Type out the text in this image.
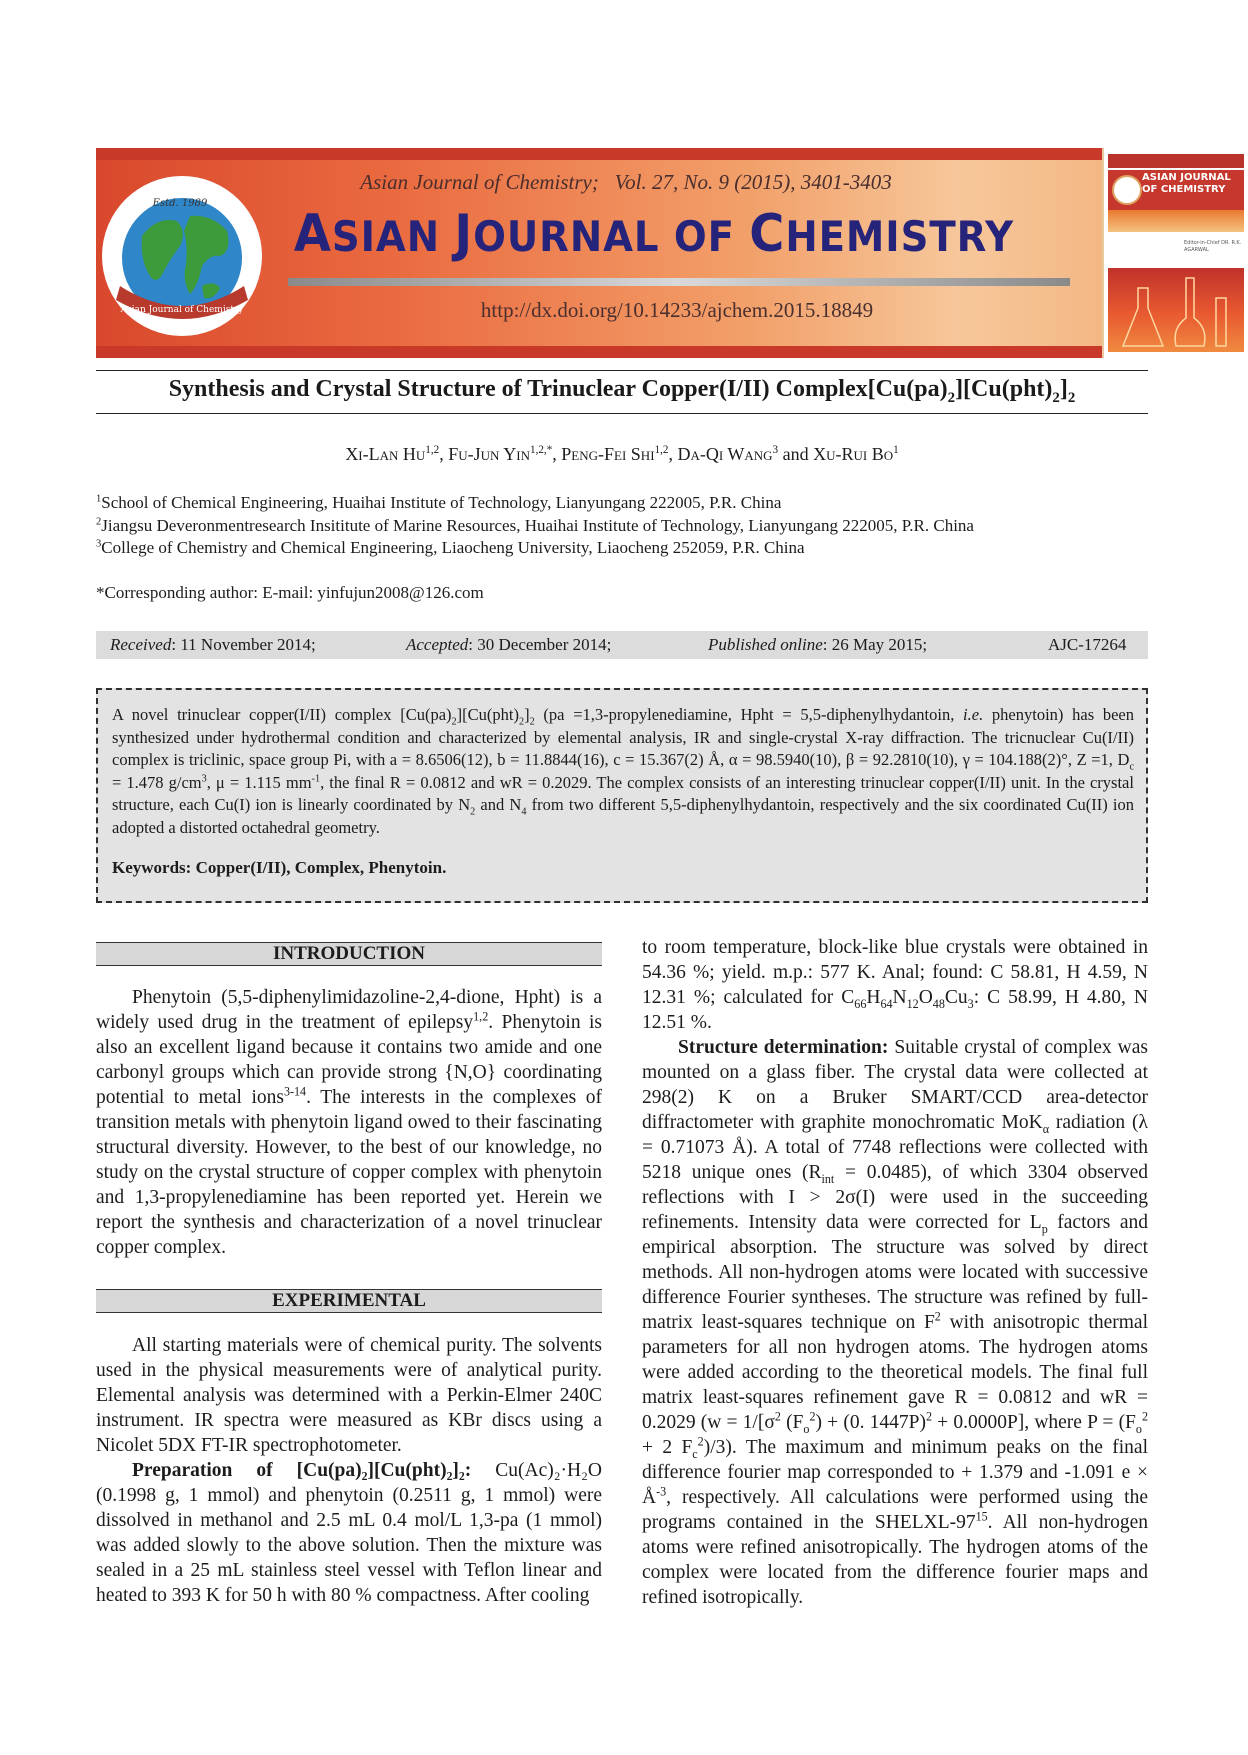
Asian Journal of Chemistry
Estd. 1989
Asian Journal of Chemistry; Vol. 27, No. 9 (2015), 3401-3403
ASIAN JOURNAL OF CHEMISTRY
http://dx.doi.org/10.14233/ajchem.2015.18849
ASIAN JOURNAL OF CHEMISTRY
Editor-in-Chief DR. R.K. AGARWAL
Synthesis and Crystal Structure of Trinuclear Copper(I/II) $Complex[Cu(pa)_2][Cu(pht)_2]_2$
Xi-Lan Hu$^{1,2}$, Fu-Jun Yin$^{1,2,*}$, Peng-Fei Shi$^{1,2}$, Da-Qi Wang$^3$ and Xu-Rui Bo$^1$
$^1$School of Chemical Engineering, Huaihai Institute of Technology, Lianyungang 222005, P.R. China
$^2$Jiangsu Deveronmentresearch Insititute of Marine Resources, Huaihai Institute of Technology, Lianyungang 222005, P.R. China
$^3$College of Chemistry and Chemical Engineering, Liaocheng University, Liaocheng 252059, P.R. China
*Corresponding author: E-mail: yinfujun2008@126.com
Received: 11 November 2014;	Accepted: 30 December 2014;	Published online: 26 May 2015;	AJC-17264
A novel trinuclear copper(I/II) complex $[Cu(pa)_2][Cu(pht)_2]_2$ (pa =1,3-propylenediamine, Hpht = 5,5-diphenylhydantoin, i.e. phenytoin) has been synthesized under hydrothermal condition and characterized by elemental analysis, IR and single-crystal X-ray diffraction. The tricnuclear Cu(I/II) complex is triclinic, space group Pi, with a = 8.6506(12), b = 11.8844(16), c = 15.367(2) Å, α = 98.5940(10), β = 92.2810(10), γ = 104.188(2)°, Z =1, $D_c = 1.478$ $g/cm^3$, μ = 1.115 $mm^{-1}$, the final R = 0.0812 and wR = 0.2029. The complex consists of an interesting trinuclear copper(I/II) unit. In the crystal structure, each Cu(I) ion is linearly coordinated by $N_2$ and $N_4$ from two different 5,5-diphenylhydantoin, respectively and the six coordinated Cu(II) ion adopted a distorted octahedral geometry.
Keywords: Copper(I/II), Complex, Phenytoin.
INTRODUCTION

Phenytoin (5,5-diphenylimidazoline-2,4-dione, Hpht) is a widely used drug in the treatment of epilepsy$^{1,2}$. Phenytoin is also an excellent ligand because it contains two amide and one carbonyl groups which can provide strong {N,O} coordinating potential to metal ions$^{3-14}$. The interests in the complexes of transition metals with phenytoin ligand owed to their fascinating structural diversity. However, to the best of our knowledge, no study on the crystal structure of copper complex with phenytoin and 1,3-propylenediamine has been reported yet. Herein we report the synthesis and characterization of a novel trinuclear copper complex.

EXPERIMENTAL

All starting materials were of chemical purity. The solvents used in the physical measurements were of analytical purity. Elemental analysis was determined with a Perkin-Elmer 240C instrument. IR spectra were measured as KBr discs using a Nicolet 5DX FT-IR spectrophotometer.

Preparation of [Cu(pa)₂][Cu(pht)₂]₂: Cu(Ac)₂·H₂O (0.1998 g, 1 mmol) and phenytoin (0.2511 g, 1 mmol) were dissolved in methanol and 2.5 mL 0.4 mol/L 1,3-pa (1 mmol) was added slowly to the above solution. Then the mixture was sealed in a 25 mL stainless steel vessel with Teflon linear and heated to 393 K for 50 h with 80 % compactness. After cooling

to room temperature, block-like blue crystals were obtained in 54.36 %; yield. m.p.: 577 K. Anal; found: C 58.81, H 4.59, N 12.31 %; calculated for $C_{66}H_{64}N_{12}O_{48}Cu_3$: C 58.99, H 4.80, N 12.51 %.

Structure determination: Suitable crystal of complex was mounted on a glass fiber. The crystal data were collected at 298(2) K on a Bruker SMART/CCD area-detector diffractometer with graphite monochromatic MoK$_\alpha$ radiation (λ = 0.71073 Å). A total of 7748 reflections were collected with 5218 unique ones $(R_{int} = 0.0485)$, of which 3304 observed reflections with I > 2σ(I) were used in the succeeding refinements. Intensity data were corrected for $L_p$ factors and empirical absorption. The structure was solved by direct methods. All non-hydrogen atoms were located with successive difference Fourier syntheses. The structure was refined by full-matrix least-squares technique on $F^2$ with anisotropic thermal parameters for all non hydrogen atoms. The hydrogen atoms were added according to the theoretical models. The final full matrix least-squares refinement gave R = 0.0812 and wR = 0.2029 ($w = 1/[\sigma^2$ $(F_o^2) + (0$. 1447P)$^2$ + 0.0000P], where $P = (F_o^2 + 2$ $F_c^2)/3$). The maximum and minimum peaks on the final difference fourier map corresponded to + 1.379 and -1.091 $e \times Å^{-3}$, respectively. All calculations were performed using the programs contained in the SHELXL-$97^{15}$. All non-hydrogen atoms were refined anisotropically. The hydrogen atoms of the complex were located from the difference fourier maps and refined isotropically.
